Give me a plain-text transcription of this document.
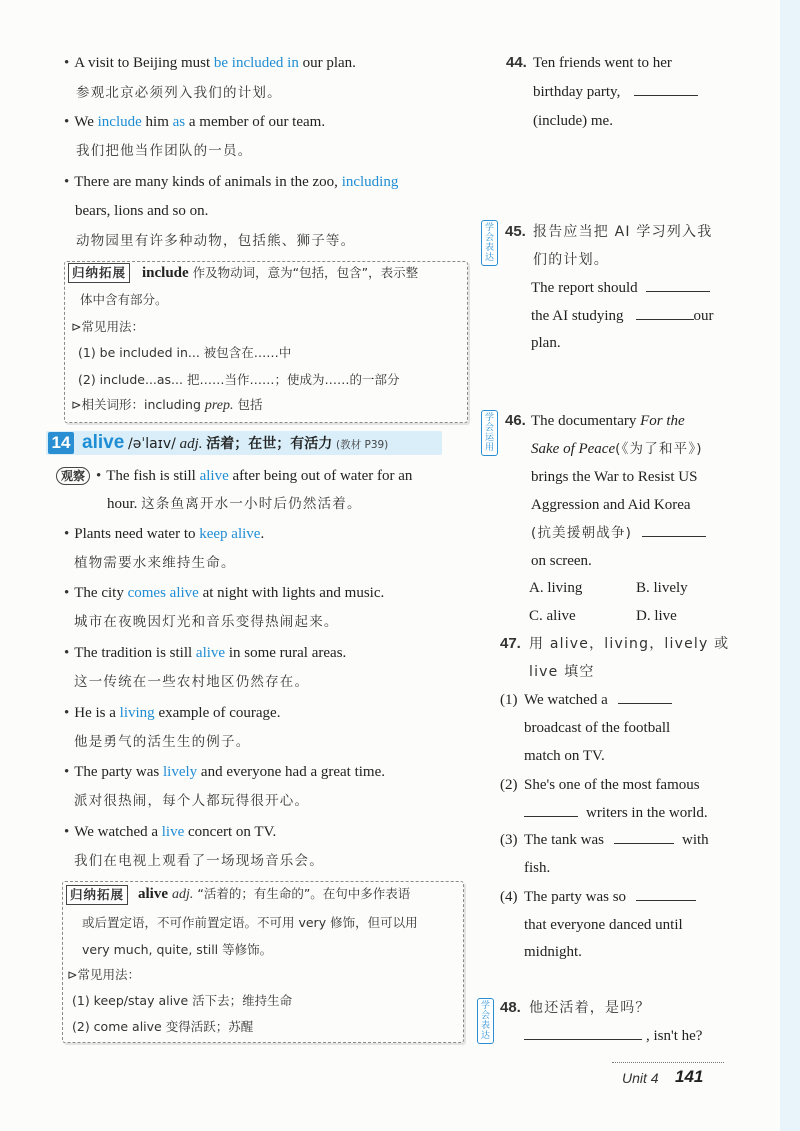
• A visit to Beijing must be included in our plan.
参观北京必须列入我们的计划。
• We include him as a member of our team.
我们把他当作团队的一员。
• There are many kinds of animals in the zoo, including
bears, lions and so on.
动物园里有许多种动物，包括熊、狮子等。
归纳拓展 include 作及物动词，意为“包括，包含”，表示整
体中含有部分。
⊳常见用法：
(1) be included in... 被包含在……中
(2) include...as... 把……当作……；使成为……的一部分
⊳相关词形：including prep. 包括
14 alive /əˈlaɪv/ adj. 活着；在世；有活力 (教材 P39)
观察
•	The fish is still alive after being out of water for an
hour. 这条鱼离开水一小时后仍然活着。
• Plants need water to keep alive.
植物需要水来维持生命。
• The city comes alive at night with lights and music.
城市在夜晚因灯光和音乐变得热闹起来。
• The tradition is still alive in some rural areas.
这一传统在一些农村地区仍然存在。
• He is a living example of courage.
他是勇气的活生生的例子。
• The party was lively and everyone had a great time.
派对很热闹，每个人都玩得很开心。
• We watched a live concert on TV.
我们在电视上观看了一场现场音乐会。
归纳拓展 alive adj. “活着的；有生命的”。在句中多作表语
或后置定语，不可作前置定语。不可用 very 修饰，但可以用
very much, quite, still 等修饰。
⊳常见用法：
(1) keep/stay alive 活下去；维持生命
(2) come alive 变得活跃；苏醒
44. Ten friends went to her
birthday party,
(include) me.
学会表达
45. 报告应当把 AI 学习列入我
们的计划。
The report should
the AI studying	our
plan.
学会运用
46. The documentary For the
Sake of Peace(《为了和平》)
brings the War to Resist US
Aggression and Aid Korea
(抗美援朝战争)
on screen.
A. living	B. lively
C. alive	D. live
47. 用 alive，living，lively 或
live 填空
(1) We watched a
broadcast of the football
match on TV.
(2) She's one of the most famous
writers in the world.
(3) The tank was	with
fish.
(4) The party was so
that everyone danced until
midnight.
学会表达
48. 他还活着，是吗？
, isn't he?
Unit 4 141
